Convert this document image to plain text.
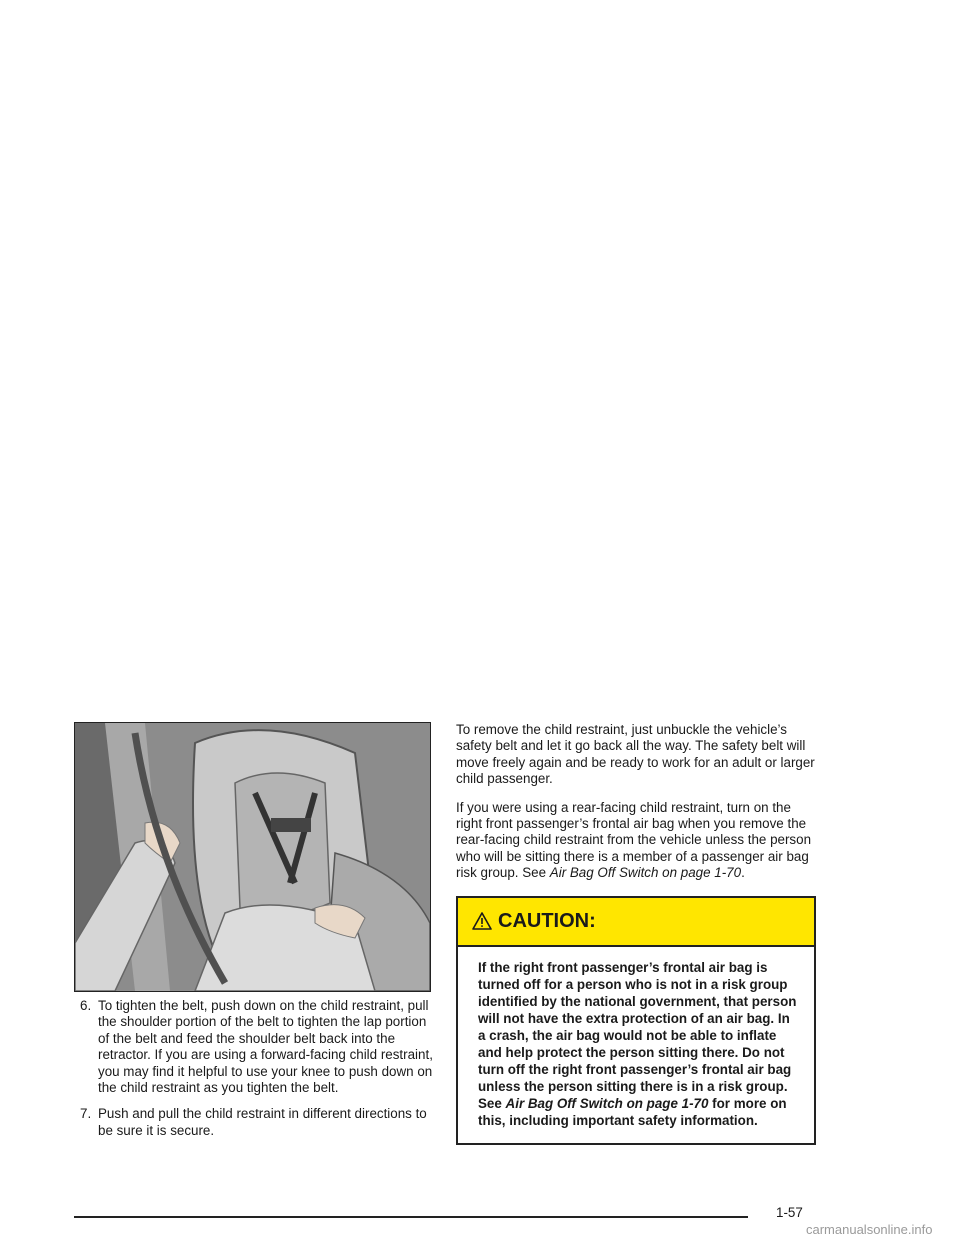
6. To tighten the belt, push down on the child restraint, pull the shoulder portion of the belt to tighten the lap portion of the belt and feed the shoulder belt back into the retractor. If you are using a forward-facing child restraint, you may find it helpful to use your knee to push down on the child restraint as you tighten the belt.
7. Push and pull the child restraint in different directions to be sure it is secure.

To remove the child restraint, just unbuckle the vehicle’s safety belt and let it go back all the way. The safety belt will move freely again and be ready to work for an adult or larger child passenger.

If you were using a rear-facing child restraint, turn on the right front passenger’s frontal air bag when you remove the rear-facing child restraint from the vehicle unless the person who will be sitting there is a member of a passenger air bag risk group. See Air Bag Off Switch on page 1-70.

CAUTION:
If the right front passenger’s frontal air bag is turned off for a person who is not in a risk group identified by the national government, that person will not have the extra protection of an air bag. In a crash, the air bag would not be able to inflate and help protect the person sitting there. Do not turn off the right front passenger’s frontal air bag unless the person sitting there is in a risk group. See Air Bag Off Switch on page 1-70 for more on this, including important safety information.
1-57
carmanualsonline.info
